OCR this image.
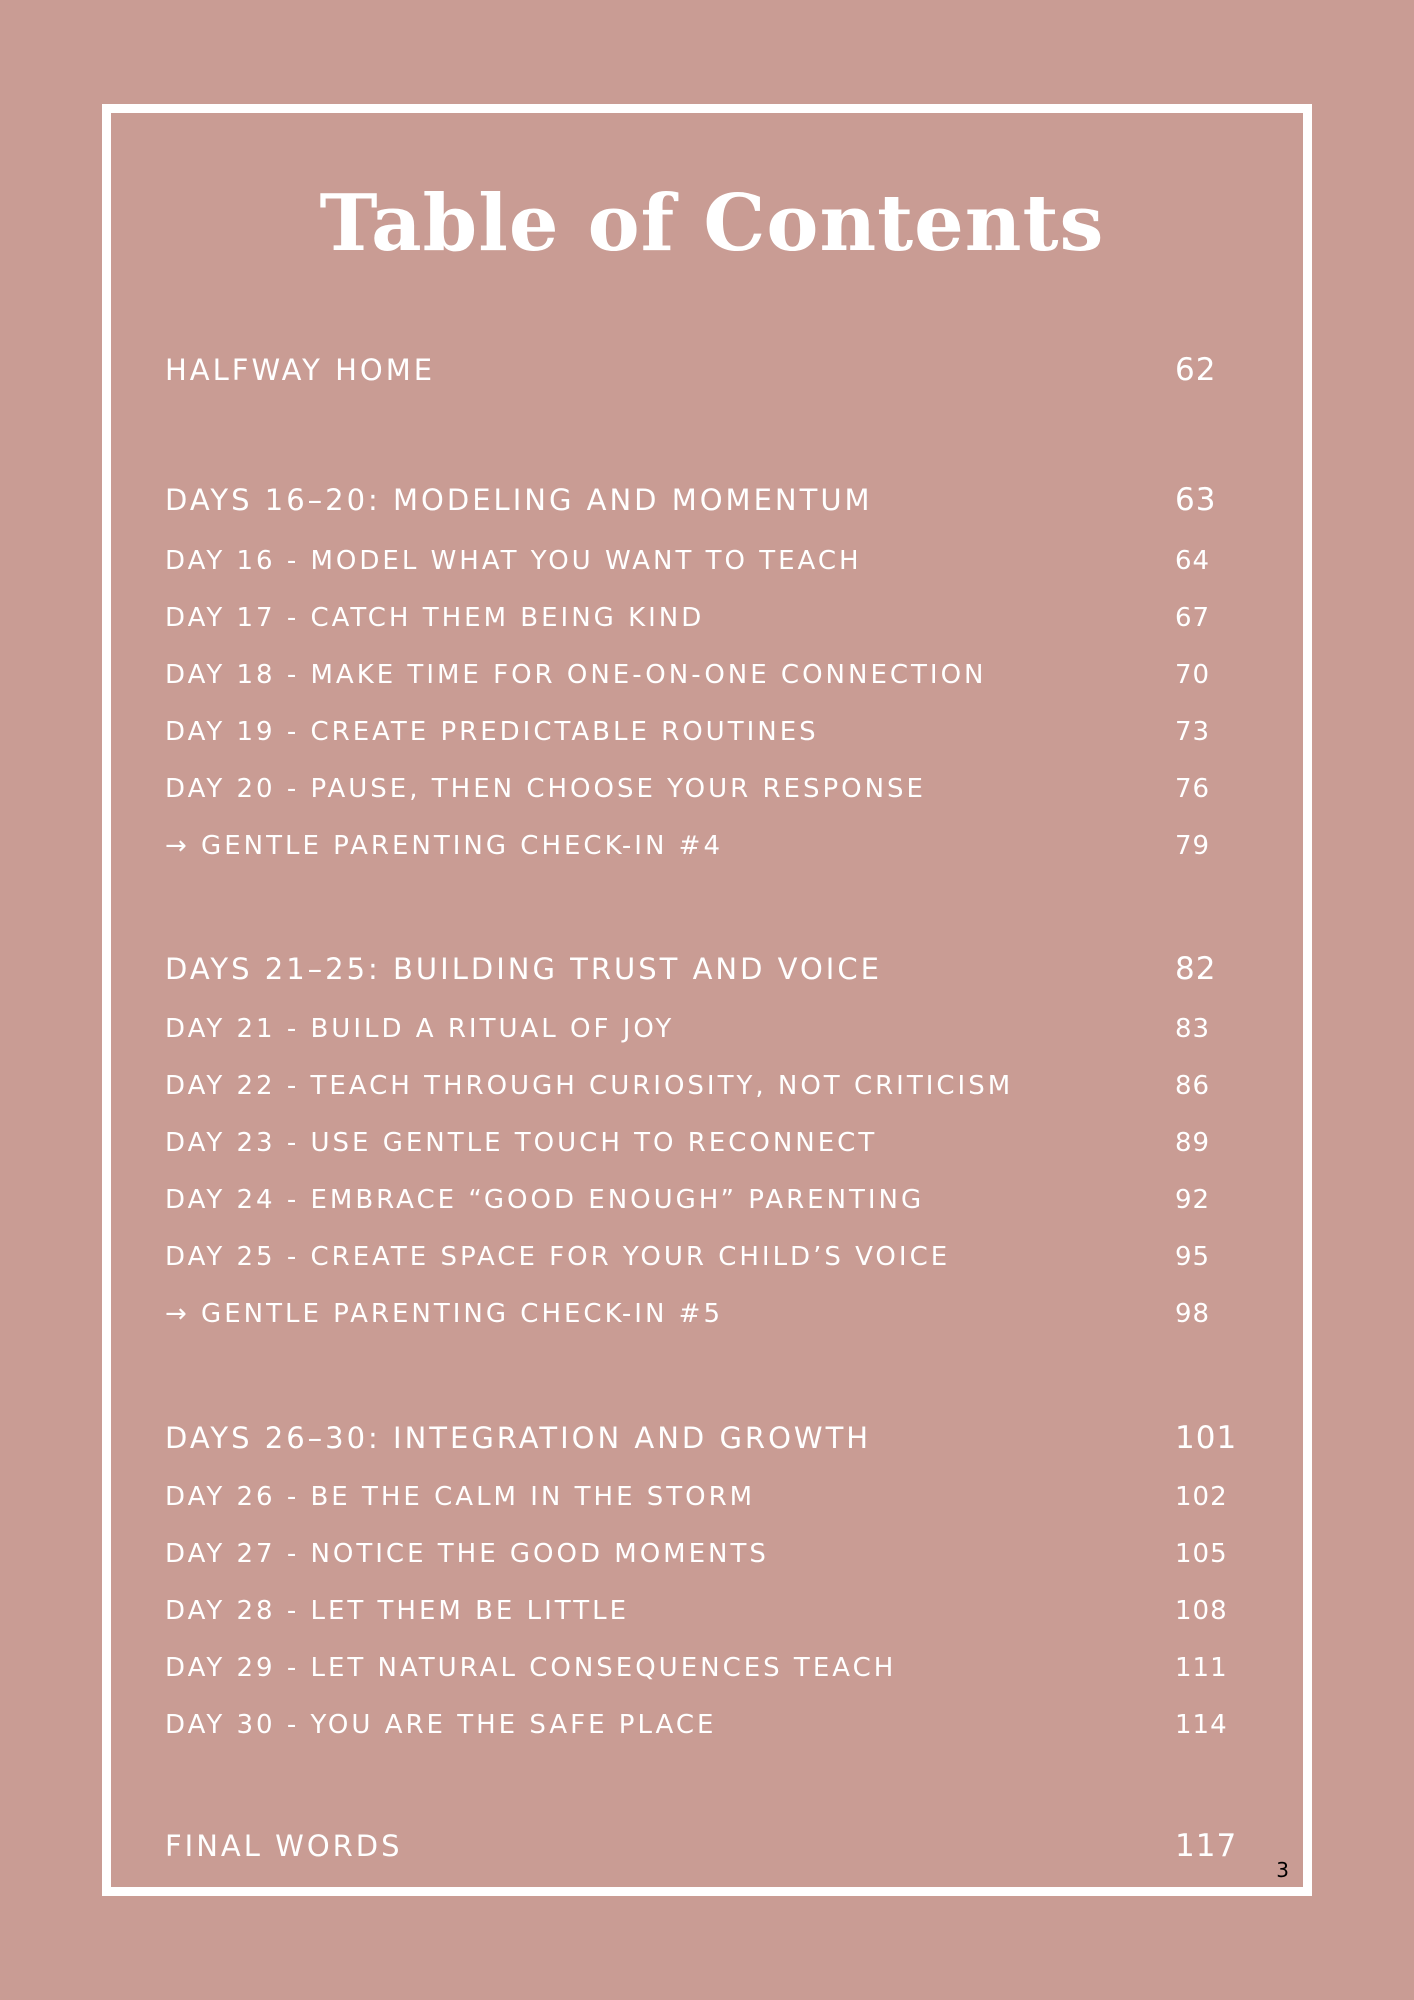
Table of Contents
HALFWAY HOME	62
DAYS 16–20: MODELING AND MOMENTUM	63
DAY 16 - MODEL WHAT YOU WANT TO TEACH	64
DAY 17 - CATCH THEM BEING KIND	67
DAY 18 - MAKE TIME FOR ONE-ON-ONE CONNECTION	70
DAY 19 - CREATE PREDICTABLE ROUTINES	73
DAY 20 - PAUSE, THEN CHOOSE YOUR RESPONSE	76
→ GENTLE PARENTING CHECK-IN #4	79
DAYS 21–25: BUILDING TRUST AND VOICE	82
DAY 21 - BUILD A RITUAL OF JOY	83
DAY 22 - TEACH THROUGH CURIOSITY, NOT CRITICISM	86
DAY 23 - USE GENTLE TOUCH TO RECONNECT	89
DAY 24 - EMBRACE “GOOD ENOUGH” PARENTING	92
DAY 25 - CREATE SPACE FOR YOUR CHILD’S VOICE	95
→ GENTLE PARENTING CHECK-IN #5	98
DAYS 26–30: INTEGRATION AND GROWTH	101
DAY 26 - BE THE CALM IN THE STORM	102
DAY 27 - NOTICE THE GOOD MOMENTS	105
DAY 28 - LET THEM BE LITTLE	108
DAY 29 - LET NATURAL CONSEQUENCES TEACH	111
DAY 30 - YOU ARE THE SAFE PLACE	114
FINAL WORDS	117
3
